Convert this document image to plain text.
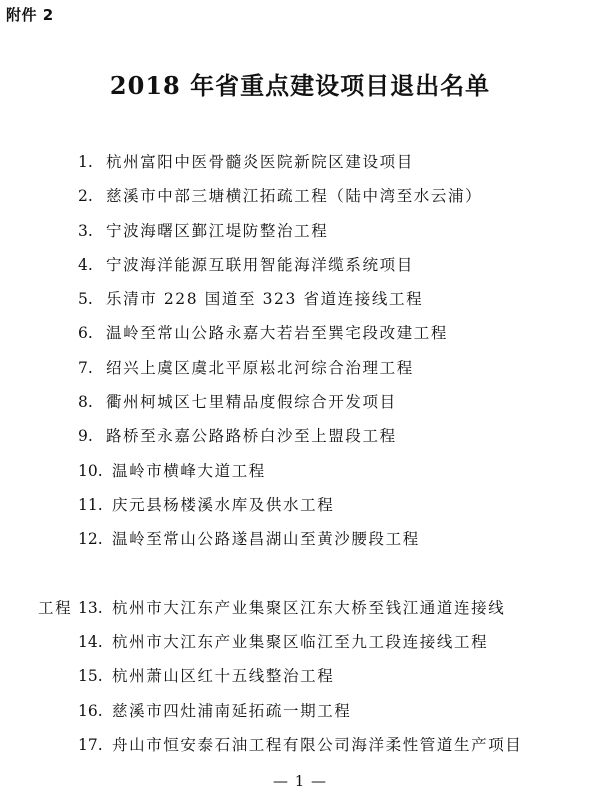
附件 2
2018 年省重点建设项目退出名单
1. 杭州富阳中医骨髓炎医院新院区建设项目
2. 慈溪市中部三塘横江拓疏工程（陆中湾至水云浦）
3. 宁波海曙区鄞江堤防整治工程
4. 宁波海洋能源互联用智能海洋缆系统项目
5. 乐清市 228 国道至 323 省道连接线工程
6. 温岭至常山公路永嘉大若岩至巽宅段改建工程
7. 绍兴上虞区虞北平原崧北河综合治理工程
8. 衢州柯城区七里精品度假综合开发项目
9. 路桥至永嘉公路路桥白沙至上盟段工程
10. 温岭市横峰大道工程
11. 庆元县杨楼溪水库及供水工程
12. 温岭至常山公路遂昌湖山至黄沙腰段工程
13. 杭州市大江东产业集聚区江东大桥至钱江通道连接线
工程
14. 杭州市大江东产业集聚区临江至九工段连接线工程
15. 杭州萧山区红十五线整治工程
16. 慈溪市四灶浦南延拓疏一期工程
17. 舟山市恒安泰石油工程有限公司海洋柔性管道生产项目
— 1 —
